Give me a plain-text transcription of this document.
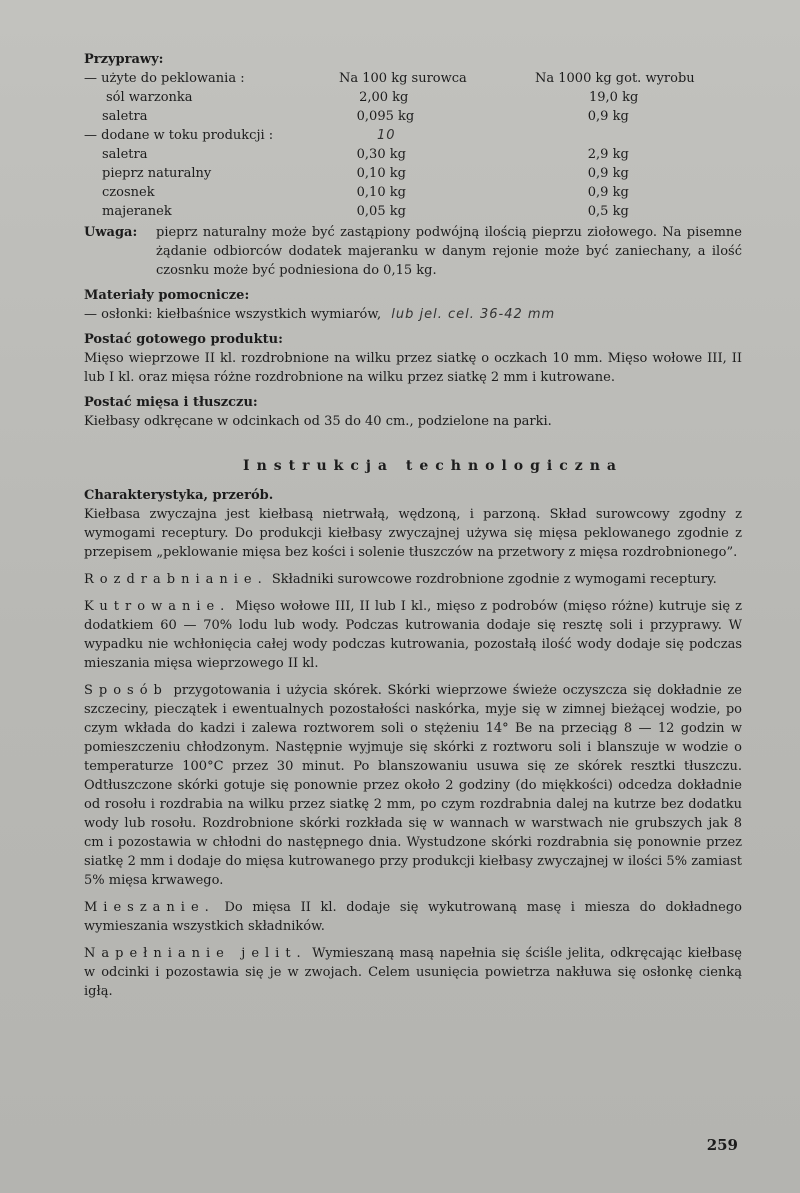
Przyprawy:
— użyte do peklowania :	Na 100 kg surowca	Na 1000 kg got. wyrobu
sól warzonka	2,00 kg	19,0 kg
saletra	0,095 kg	0,9 kg
— dodane w toku produkcji :	10
saletra	0,30 kg	2,9 kg
pieprz naturalny	0,10 kg	0,9 kg
czosnek	0,10 kg	0,9 kg
majeranek	0,05 kg	0,5 kg
Uwaga:	pieprz naturalny może być zastąpiony podwójną ilością pieprzu ziołowego. Na pisemne żądanie odbiorców dodatek majeranku w danym rejonie może być zaniechany, a ilość czosnku może być podniesiona do 0,15 kg.
Materiały pomocnicze:
— osłonki: kiełbaśnice wszystkich wymiarów, lub jel. cel. 36-42 mm
Postać gotowego produktu:

Mięso wieprzowe II kl. rozdrobnione na wilku przez siatkę o oczkach 10 mm. Mięso wołowe III, II lub I kl. oraz mięsa różne rozdrobnione na wilku przez siatkę 2 mm i kutrowane.

Postać mięsa i tłuszczu:

Kiełbasy odkręcane w odcinkach od 35 do 40 cm., podzielone na parki.

Instrukcja technologiczna
Charakterystyka, przerób.

Kiełbasa zwyczajna jest kiełbasą nietrwałą, wędzoną, i parzoną. Skład surowcowy zgodny z wymogami receptury. Do produkcji kiełbasy zwyczajnej używa się mięsa peklowanego zgodnie z przepisem „peklowanie mięsa bez kości i solenie tłuszczów na przetwory z mięsa rozdrobnionego”.

Rozdrabnianie. Składniki surowcowe rozdrobnione zgodnie z wymogami receptury.
Kutrowanie. Mięso wołowe III, II lub I kl., mięso z podrobów (mięso różne) kutruje się z dodatkiem 60 — 70% lodu lub wody. Podczas kutrowania dodaje się resztę soli i przyprawy. W wypadku nie wchłonięcia całej wody podczas kutrowania, pozostałą ilość wody dodaje się podczas mieszania mięsa wieprzowego II kl.
Sposób przygotowania i użycia skórek. Skórki wieprzowe świeże oczyszcza się dokładnie ze szczeciny, pieczątek i ewentualnych pozostałości naskórka, myje się w zimnej bieżącej wodzie, po czym wkłada do kadzi i zalewa roztworem soli o stężeniu 14° Be na przeciąg 8 — 12 godzin w pomieszczeniu chłodzonym. Następnie wyjmuje się skórki z roztworu soli i blanszuje w wodzie o temperaturze 100°C przez 30 minut. Po blanszowaniu usuwa się ze skórek resztki tłuszczu. Odtłuszczone skórki gotuje się ponownie przez około 2 godziny (do miękkości) odcedza dokładnie od rosołu i rozdrabia na wilku przez siatkę 2 mm, po czym rozdrabnia dalej na kutrze bez dodatku wody lub rosołu. Rozdrobnione skórki rozkłada się w wannach w warstwach nie grubszych jak 8 cm i pozostawia w chłodni do następnego dnia. Wystudzone skórki rozdrabnia się ponownie przez siatkę 2 mm i dodaje do mięsa kutrowanego przy produkcji kiełbasy zwyczajnej w ilości 5% zamiast 5% mięsa krwawego.
Mieszanie. Do mięsa II kl. dodaje się wykutrowaną masę i miesza do dokładnego wymieszania wszystkich składników.
Napełnianie jelit. Wymieszaną masą napełnia się ściśle jelita, odkręcając kiełbasę w odcinki i pozostawia się je w zwojach. Celem usunięcia powietrza nakłuwa się osłonkę cienką igłą.
259
